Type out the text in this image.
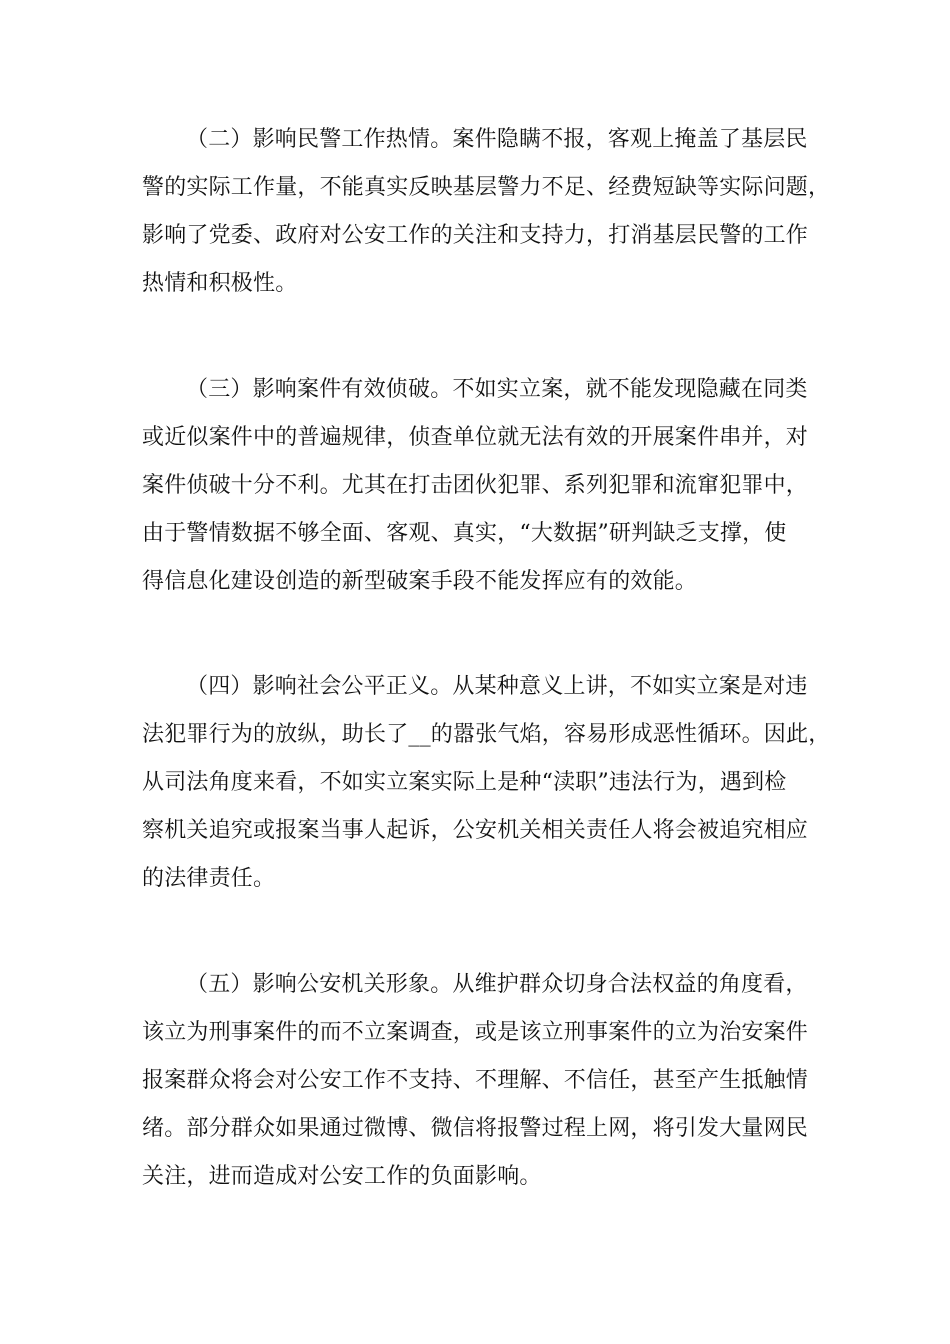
（二）影响民警工作热情。案件隐瞒不报，客观上掩盖了基层民
警的实际工作量，不能真实反映基层警力不足、经费短缺等实际问题，
影响了党委、政府对公安工作的关注和支持力，打消基层民警的工作
热情和积极性。
（三）影响案件有效侦破。不如实立案，就不能发现隐藏在同类
或近似案件中的普遍规律，侦查单位就无法有效的开展案件串并，对
案件侦破十分不利。尤其在打击团伙犯罪、系列犯罪和流窜犯罪中，
由于警情数据不够全面、客观、真实，“大数据”研判缺乏支撑，使
得信息化建设创造的新型破案手段不能发挥应有的效能。
（四）影响社会公平正义。从某种意义上讲，不如实立案是对违
法犯罪行为的放纵，助长了__的嚣张气焰，容易形成恶性循环。因此，
从司法角度来看，不如实立案实际上是种“渎职”违法行为，遇到检
察机关追究或报案当事人起诉，公安机关相关责任人将会被追究相应
的法律责任。
（五）影响公安机关形象。从维护群众切身合法权益的角度看，
该立为刑事案件的而不立案调查，或是该立刑事案件的立为治安案件
报案群众将会对公安工作不支持、不理解、不信任，甚至产生抵触情
绪。部分群众如果通过微博、微信将报警过程上网，将引发大量网民
关注，进而造成对公安工作的负面影响。
